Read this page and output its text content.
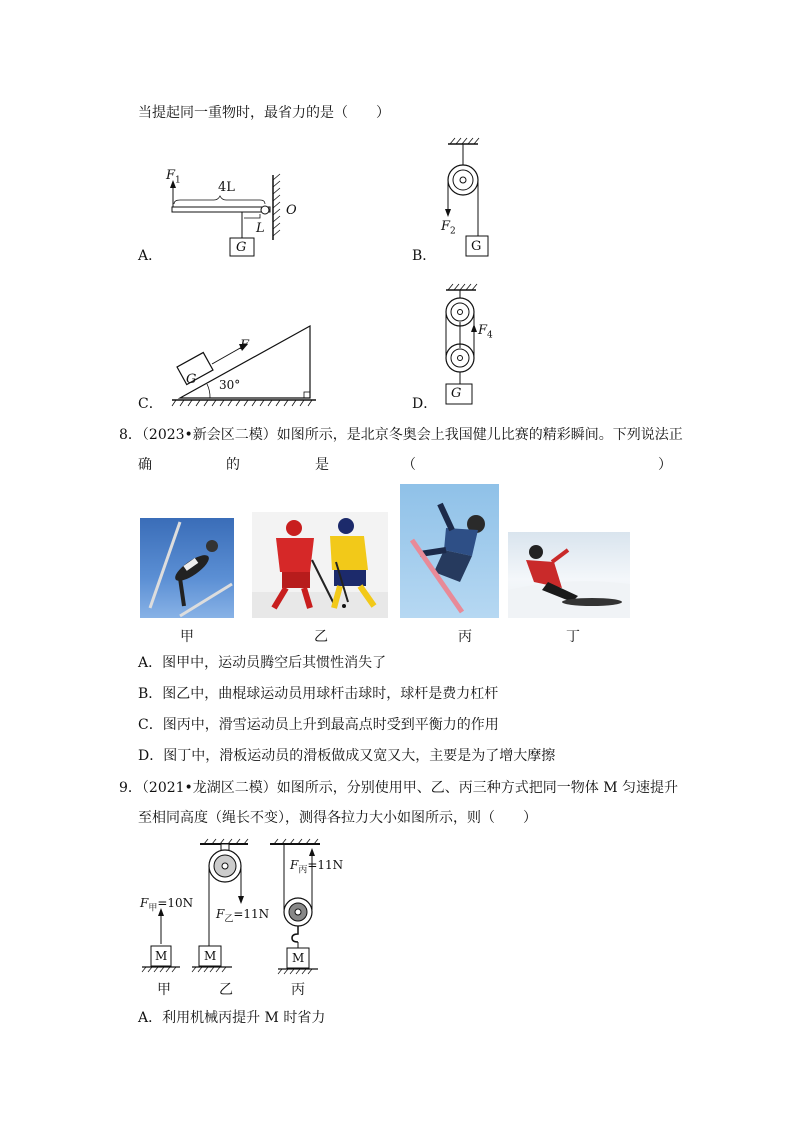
当提起同一重物时，最省力的是（　　）
$F_1$	4L
L
O
G
A．
$F_2$
G
B．
F
G 30°
C．
$F_4$
G
D．
8．（2023•新会区二模）如图所示，是北京冬奥会上我国健儿比赛的精彩瞬间。下列说法正
确	的	是	（	）
甲	乙	丙	丁
A．图甲中，运动员腾空后其惯性消失了
B．图乙中，曲棍球运动员用球杆击球时，球杆是费力杠杆
C．图丙中，滑雪运动员上升到最高点时受到平衡力的作用
D．图丁中，滑板运动员的滑板做成又宽又大，主要是为了增大摩擦
9．（2021•龙湖区二模）如图所示，分别使用甲、乙、丙三种方式把同一物体 M 匀速提升
至相同高度（绳长不变），测得各拉力大小如图所示，则（　　）
$F_甲=10N$
$F_乙=11N$
$F_丙=11N$
M	M	M
甲	乙	丙
A．利用机械丙提升 M 时省力
